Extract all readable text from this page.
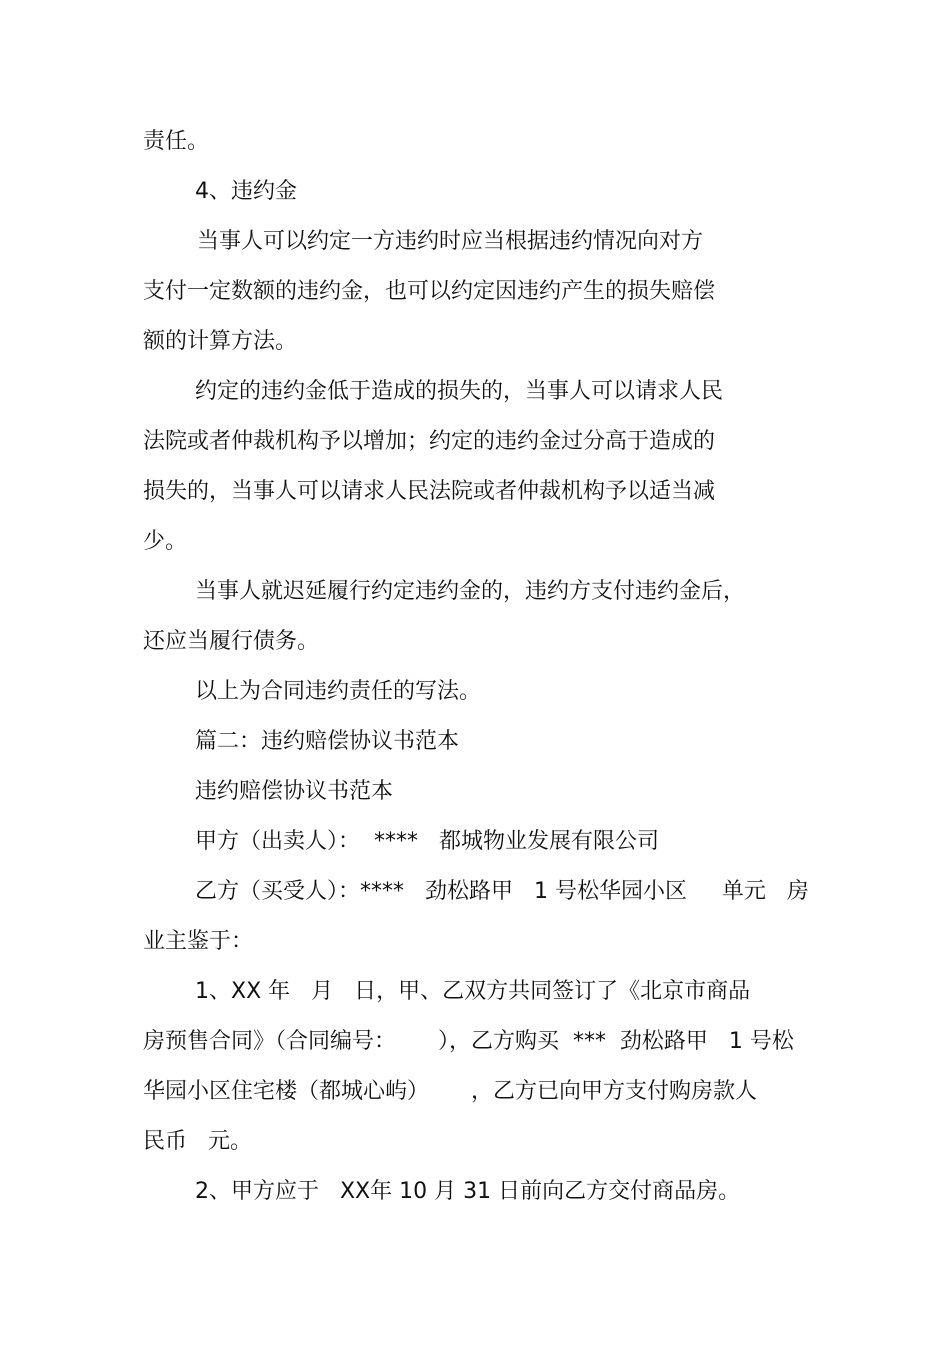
责任。
4、违约金
当事人可以约定一方违约时应当根据违约情况向对方
支付一定数额的违约金，也可以约定因违约产生的损失赔偿
额的计算方法。
约定的违约金低于造成的损失的，当事人可以请求人民
法院或者仲裁机构予以增加；约定的违约金过分高于造成的
损失的，当事人可以请求人民法院或者仲裁机构予以适当减
少。
当事人就迟延履行约定违约金的，违约方支付违约金后，
还应当履行债务。
以上为合同违约责任的写法。
篇二：违约赔偿协议书范本
违约赔偿协议书范本
甲方（出卖人）：  ****   都城物业发展有限公司
乙方（买受人）：****   劲松路甲   1 号松华园小区     单元   房
业主鉴于：
1、XX 年   月   日，甲、乙双方共同签订了《北京市商品
房预售合同》（合同编号：      ），乙方购买  ***  劲松路甲   1 号松
华园小区住宅楼（都城心屿）      ，乙方已向甲方支付购房款人
民币   元。
2、甲方应于   XX年 10 月 31 日前向乙方交付商品房。
